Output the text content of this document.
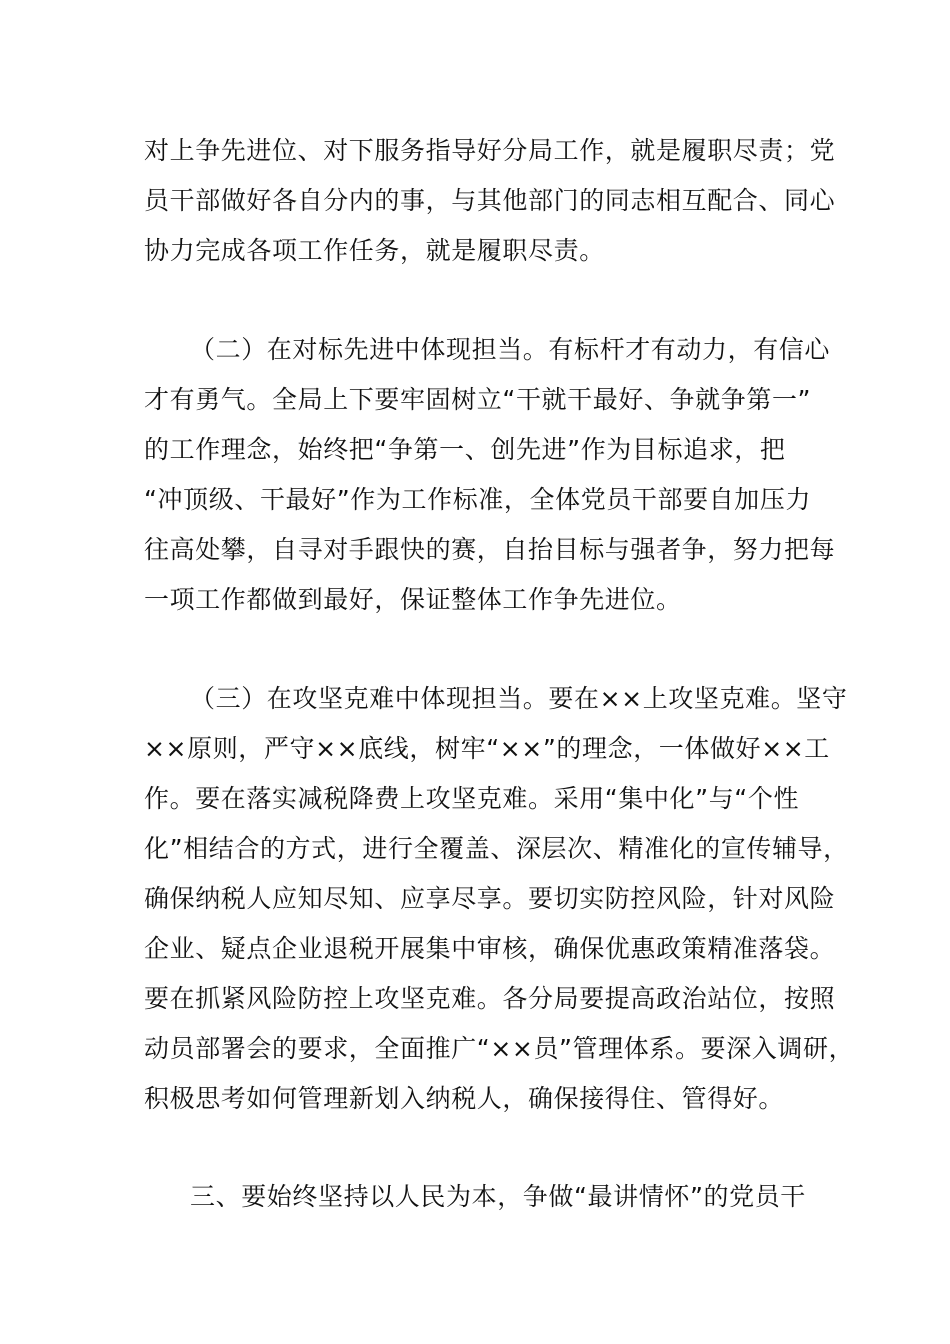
对上争先进位、对下服务指导好分局工作，就是履职尽责；党
员干部做好各自分内的事，与其他部门的同志相互配合、同心
协力完成各项工作任务，就是履职尽责。
（二）在对标先进中体现担当。有标杆才有动力，有信心
才有勇气。全局上下要牢固树立“干就干最好、争就争第一”
的工作理念，始终把“争第一、创先进”作为目标追求，把
“冲顶级、干最好”作为工作标准，全体党员干部要自加压力
往高处攀，自寻对手跟快的赛，自抬目标与强者争，努力把每
一项工作都做到最好，保证整体工作争先进位。
（三）在攻坚克难中体现担当。要在××上攻坚克难。坚守
××原则，严守××底线，树牢“××”的理念，一体做好××工
作。要在落实减税降费上攻坚克难。采用“集中化”与“个性
化”相结合的方式，进行全覆盖、深层次、精准化的宣传辅导，
确保纳税人应知尽知、应享尽享。要切实防控风险，针对风险
企业、疑点企业退税开展集中审核，确保优惠政策精准落袋。
要在抓紧风险防控上攻坚克难。各分局要提高政治站位，按照
动员部署会的要求，全面推广“××员”管理体系。要深入调研，
积极思考如何管理新划入纳税人，确保接得住、管得好。
三、要始终坚持以人民为本，争做“最讲情怀”的党员干
